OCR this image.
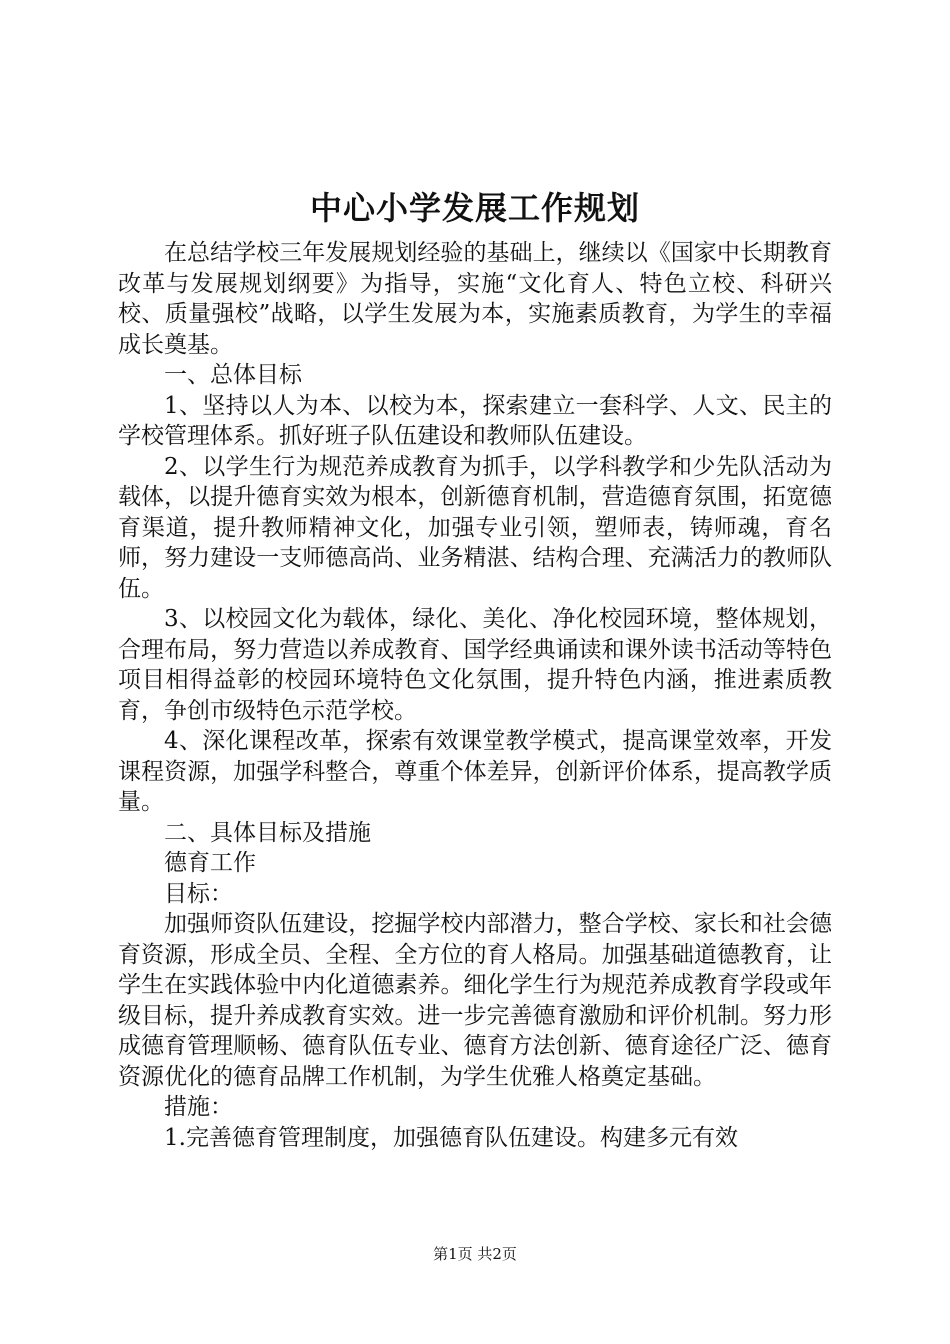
中心小学发展工作规划

在总结学校三年发展规划经验的基础上，继续以《国家中长期教育改革与发展规划纲要》为指导，实施“文化育人、特色立校、科研兴校、质量强校”战略，以学生发展为本，实施素质教育，为学生的幸福成长奠基。

一、总体目标

1、坚持以人为本、以校为本，探索建立一套科学、人文、民主的学校管理体系。抓好班子队伍建设和教师队伍建设。

2、以学生行为规范养成教育为抓手，以学科教学和少先队活动为载体，以提升德育实效为根本，创新德育机制，营造德育氛围，拓宽德育渠道，提升教师精神文化，加强专业引领，塑师表，铸师魂，育名师，努力建设一支师德高尚、业务精湛、结构合理、充满活力的教师队伍。

3、以校园文化为载体，绿化、美化、净化校园环境，整体规划，合理布局，努力营造以养成教育、国学经典诵读和课外读书活动等特色项目相得益彰的校园环境特色文化氛围，提升特色内涵，推进素质教育，争创市级特色示范学校。

4、深化课程改革，探索有效课堂教学模式，提高课堂效率，开发课程资源，加强学科整合，尊重个体差异，创新评价体系，提高教学质量。

二、具体目标及措施

德育工作

目标：

加强师资队伍建设，挖掘学校内部潜力，整合学校、家长和社会德育资源，形成全员、全程、全方位的育人格局。加强基础道德教育，让学生在实践体验中内化道德素养。细化学生行为规范养成教育学段或年级目标，提升养成教育实效。进一步完善德育激励和评价机制。努力形成德育管理顺畅、德育队伍专业、德育方法创新、德育途径广泛、德育资源优化的德育品牌工作机制，为学生优雅人格奠定基础。

措施：

1.完善德育管理制度，加强德育队伍建设。构建多元有效

第1页 共2页
